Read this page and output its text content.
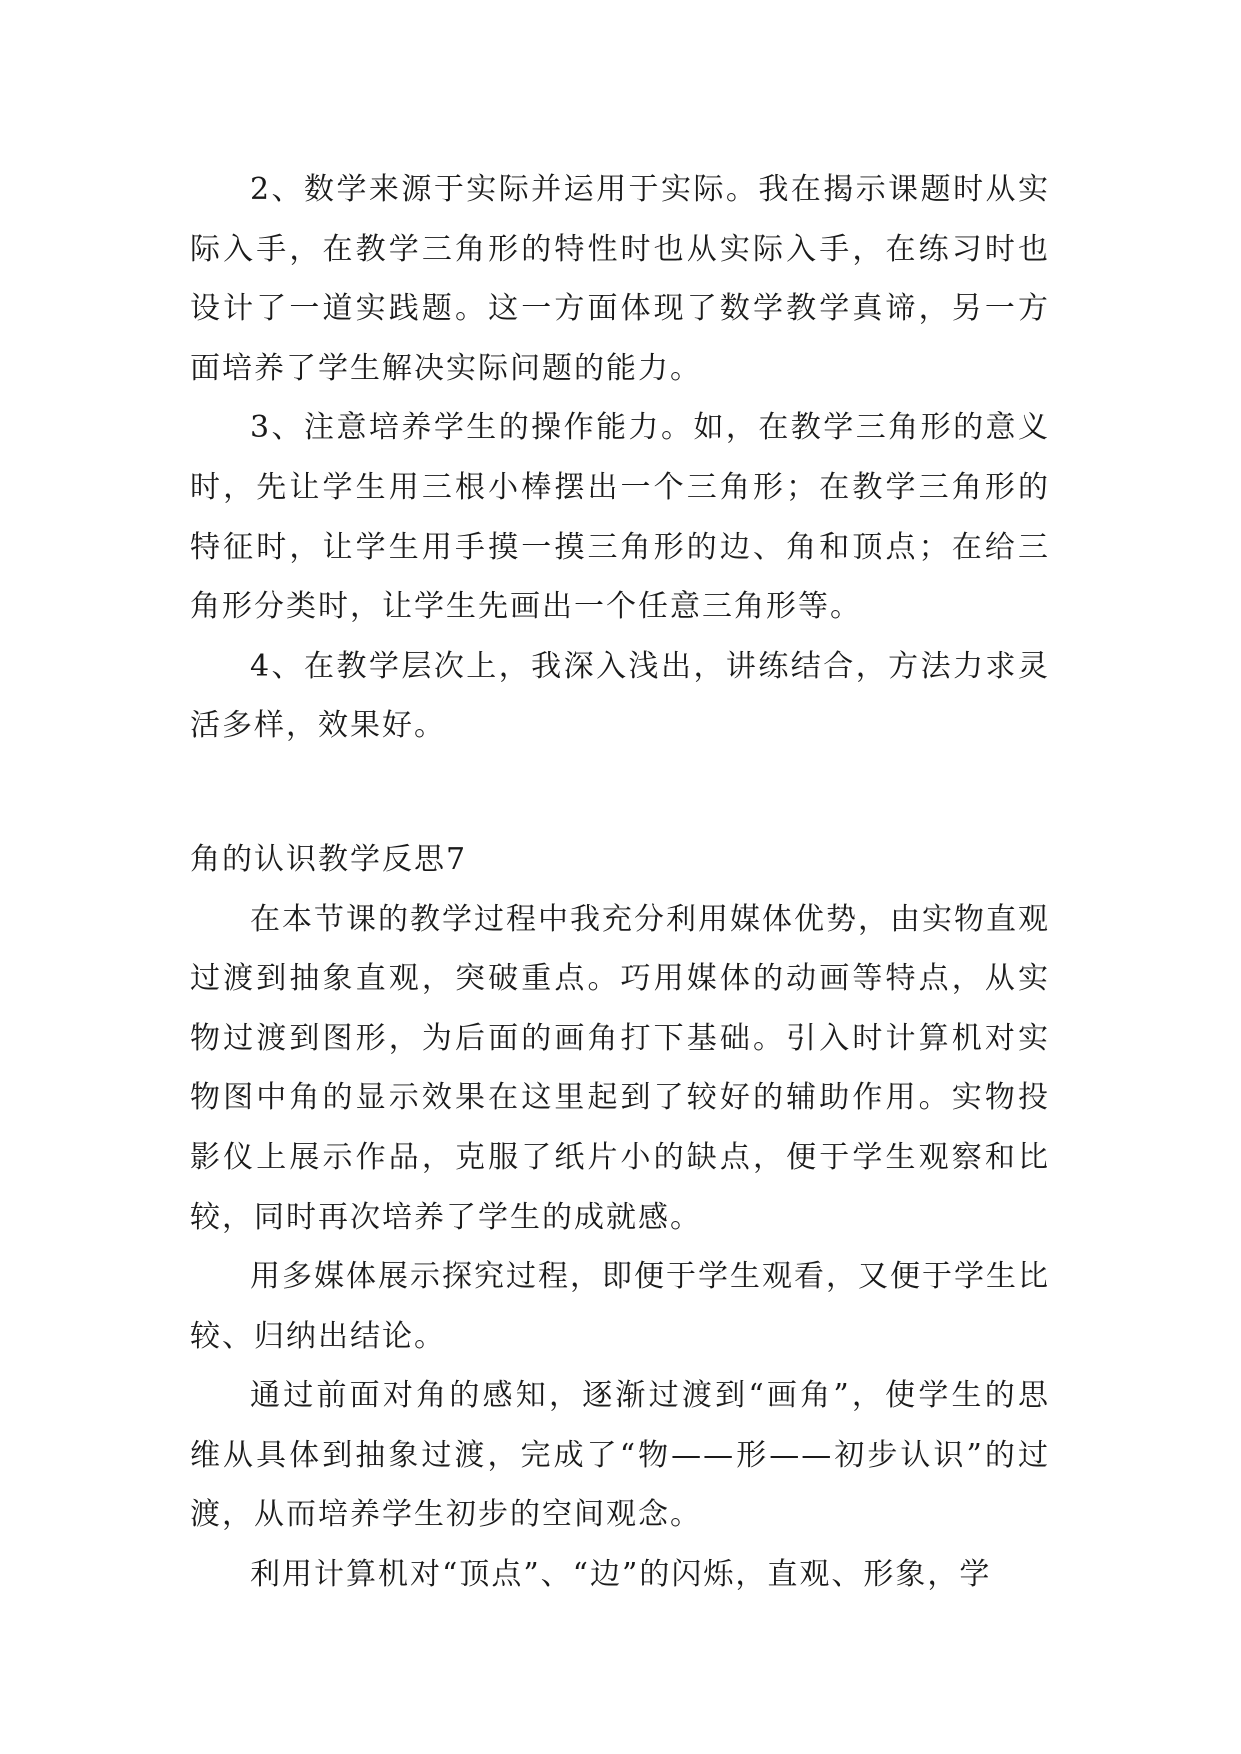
2、数学来源于实际并运用于实际。我在揭示课题时从实际入手，在教学三角形的特性时也从实际入手，在练习时也设计了一道实践题。这一方面体现了数学教学真谛，另一方面培养了学生解决实际问题的能力。

3、注意培养学生的操作能力。如，在教学三角形的意义时，先让学生用三根小棒摆出一个三角形；在教学三角形的特征时，让学生用手摸一摸三角形的边、角和顶点；在给三角形分类时，让学生先画出一个任意三角形等。

4、在教学层次上，我深入浅出，讲练结合，方法力求灵活多样，效果好。

角的认识教学反思7

在本节课的教学过程中我充分利用媒体优势，由实物直观过渡到抽象直观，突破重点。巧用媒体的动画等特点，从实物过渡到图形，为后面的画角打下基础。引入时计算机对实物图中角的显示效果在这里起到了较好的辅助作用。实物投影仪上展示作品，克服了纸片小的缺点，便于学生观察和比较，同时再次培养了学生的成就感。

用多媒体展示探究过程，即便于学生观看，又便于学生比较、归纳出结论。

通过前面对角的感知，逐渐过渡到“画角”，使学生的思维从具体到抽象过渡，完成了“物——形——初步认识”的过渡，从而培养学生初步的空间观念。

利用计算机对“顶点”、“边”的闪烁，直观、形象，学
